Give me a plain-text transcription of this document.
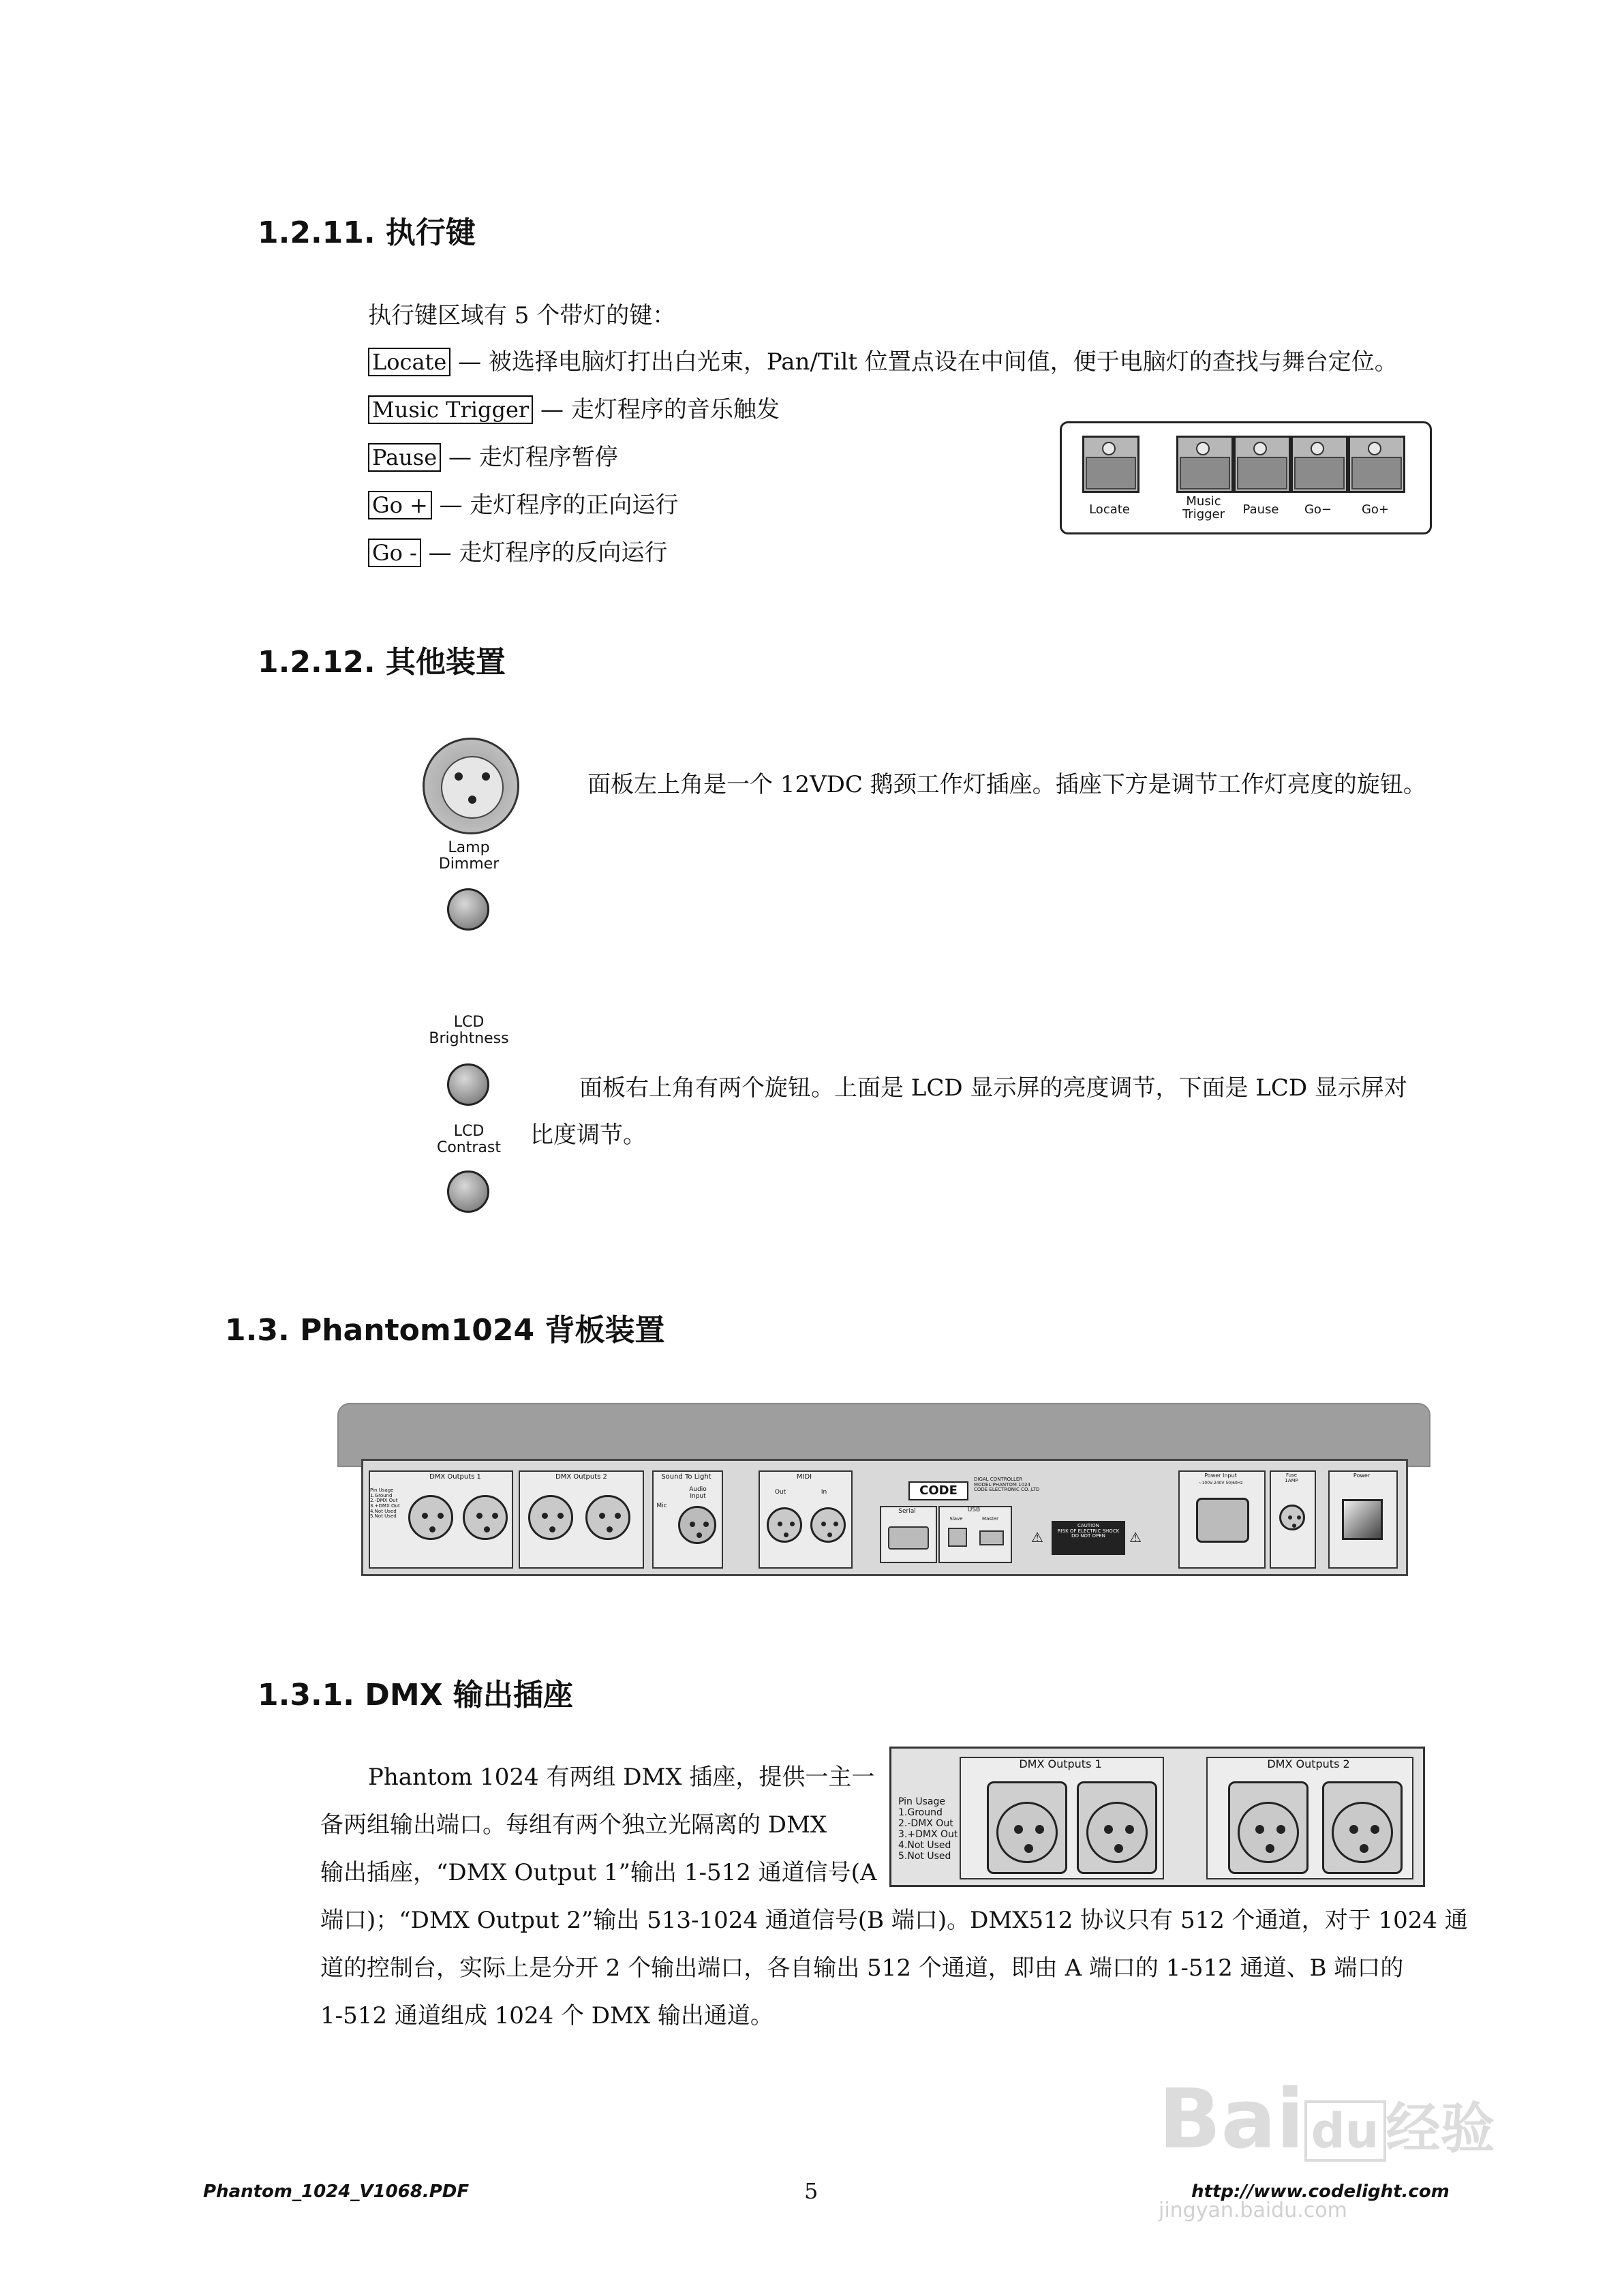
1.2.11. 执行键
执行键区域有 5 个带灯的键：
Locate — 被选择电脑灯打出白光束，Pan/Tilt 位置点设在中间值，便于电脑灯的查找与舞台定位。
Music Trigger — 走灯程序的音乐触发
Pause — 走灯程序暂停
Go + — 走灯程序的正向运行
Go - — 走灯程序的反向运行
Locate
Music
Trigger	Pause	Go−	Go+
1.2.12. 其他装置
Lamp
Dimmer
面板左上角是一个 12VDC 鹅颈工作灯插座。插座下方是调节工作灯亮度的旋钮。
LCD
Brightness
LCD
Contrast
面板右上角有两个旋钮。上面是 LCD 显示屏的亮度调节，下面是 LCD 显示屏对
比度调节。
1.3. Phantom1024 背板装置
Pin Usage
1.Ground
2.-DMX Out
3.+DMX Out
4.Not Used
5.Not Used
DMX Outputs 1	DMX Outputs 2	Sound To Light
Mic
Audio
Input
MIDI
Out	In	CODE
DIGAL CONTROLLER
MODEL:PHANTOM 1024
CODE ELECTRONIC CO.,LTD
Serial	USB
Slave	Master
⚠
CAUTION
RISK OF ELECTRIC SHOCK
DO NOT OPEN	⚠
Power Input
~100V-240V 50/60Hz
Fuse
1AMP
Power
1.3.1. DMX 输出插座
Phantom 1024 有两组 DMX 插座，提供一主一
备两组输出端口。每组有两个独立光隔离的 DMX
输出插座，“DMX Output 1”输出 1-512 通道信号(A
端口)；“DMX Output 2”输出 513-1024 通道信号(B 端口)。DMX512 协议只有 512 个通道，对于 1024 通
道的控制台，实际上是分开 2 个输出端口，各自输出 512 个通道，即由 A 端口的 1-512 通道、B 端口的
1-512 通道组成 1024 个 DMX 输出通道。
Pin Usage
1.Ground
2.-DMX Out
3.+DMX Out
4.Not Used
5.Not Used
DMX Outputs 1	DMX Outputs 2
Bai du 经验
jingyan.baidu.com
Phantom_1024_V1068.PDF	5	http://www.codelight.com
